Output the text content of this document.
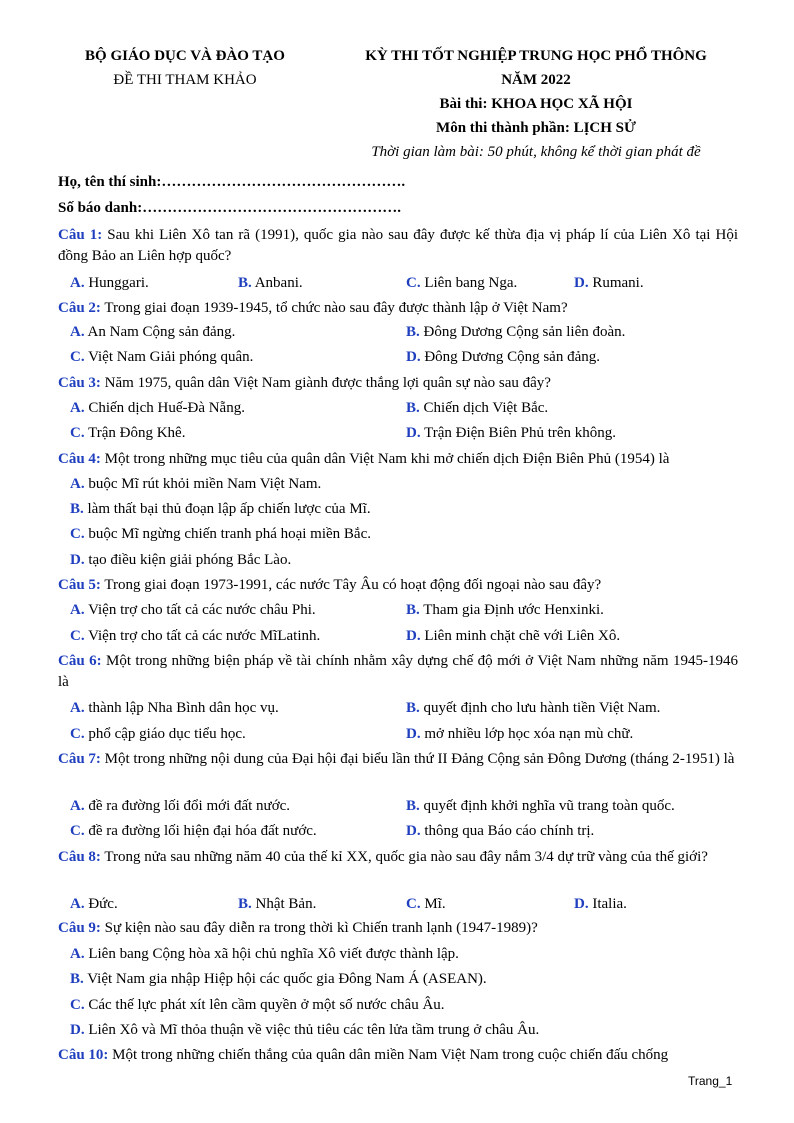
BỘ GIÁO DỤC VÀ ĐÀO TẠO
ĐỀ THI THAM KHẢO
KỲ THI TỐT NGHIỆP TRUNG HỌC PHỔ THÔNG
NĂM 2022
Bài thi: KHOA HỌC XÃ HỘI
Môn thi thành phần: LỊCH SỬ
Thời gian làm bài: 50 phút, không kể thời gian phát đề
Họ, tên thí sinh:………………………………………….
Số báo danh:…………………………………………….
Câu 1: Sau khi Liên Xô tan rã (1991), quốc gia nào sau đây được kế thừa địa vị pháp lí của Liên Xô tại Hội đồng Bảo an Liên hợp quốc?
A. Hunggari.	B. Anbani.	C. Liên bang Nga.	D. Rumani.
Câu 2: Trong giai đoạn 1939-1945, tổ chức nào sau đây được thành lập ở Việt Nam?
A. An Nam Cộng sản đảng.	B. Đông Dương Cộng sản liên đoàn.
C. Việt Nam Giải phóng quân.	D. Đông Dương Cộng sản đảng.
Câu 3: Năm 1975, quân dân Việt Nam giành được thắng lợi quân sự nào sau đây?
A. Chiến dịch Huế-Đà Nẵng.	B. Chiến dịch Việt Bắc.
C. Trận Đông Khê.	D. Trận Điện Biên Phủ trên không.
Câu 4: Một trong những mục tiêu của quân dân Việt Nam khi mở chiến dịch Điện Biên Phủ (1954) là
A. buộc Mĩ rút khỏi miền Nam Việt Nam.
B. làm thất bại thủ đoạn lập ấp chiến lược của Mĩ.
C. buộc Mĩ ngừng chiến tranh phá hoại miền Bắc.
D. tạo điều kiện giải phóng Bắc Lào.
Câu 5: Trong giai đoạn 1973-1991, các nước Tây Âu có hoạt động đối ngoại nào sau đây?
A. Viện trợ cho tất cả các nước châu Phi.	B. Tham gia Định ước Henxinki.
C. Viện trợ cho tất cả các nước MĩLatinh.	D. Liên minh chặt chẽ với Liên Xô.
Câu 6: Một trong những biện pháp về tài chính nhằm xây dựng chế độ mới ở Việt Nam những năm 1945-1946 là
A. thành lập Nha Bình dân học vụ.	B. quyết định cho lưu hành tiền Việt Nam.
C. phổ cập giáo dục tiểu học.	D. mở nhiều lớp học xóa nạn mù chữ.
Câu 7: Một trong những nội dung của Đại hội đại biểu lần thứ II Đảng Cộng sản Đông Dương (tháng 2-1951) là
A. đề ra đường lối đổi mới đất nước.	B. quyết định khởi nghĩa vũ trang toàn quốc.
C. đề ra đường lối hiện đại hóa đất nước.	D. thông qua Báo cáo chính trị.
Câu 8: Trong nửa sau những năm 40 của thế kỉ XX, quốc gia nào sau đây nắm 3/4 dự trữ vàng của thế giới?
A. Đức.	B. Nhật Bản.	C. Mĩ.	D. Italia.
Câu 9: Sự kiện nào sau đây diễn ra trong thời kì Chiến tranh lạnh (1947-1989)?
A. Liên bang Cộng hòa xã hội chủ nghĩa Xô viết được thành lập.
B. Việt Nam gia nhập Hiệp hội các quốc gia Đông Nam Á (ASEAN).
C. Các thế lực phát xít lên cầm quyền ở một số nước châu Âu.
D. Liên Xô và Mĩ thỏa thuận về việc thủ tiêu các tên lửa tầm trung ở châu Âu.
Câu 10: Một trong những chiến thắng của quân dân miền Nam Việt Nam trong cuộc chiến đấu chống
Trang_1
